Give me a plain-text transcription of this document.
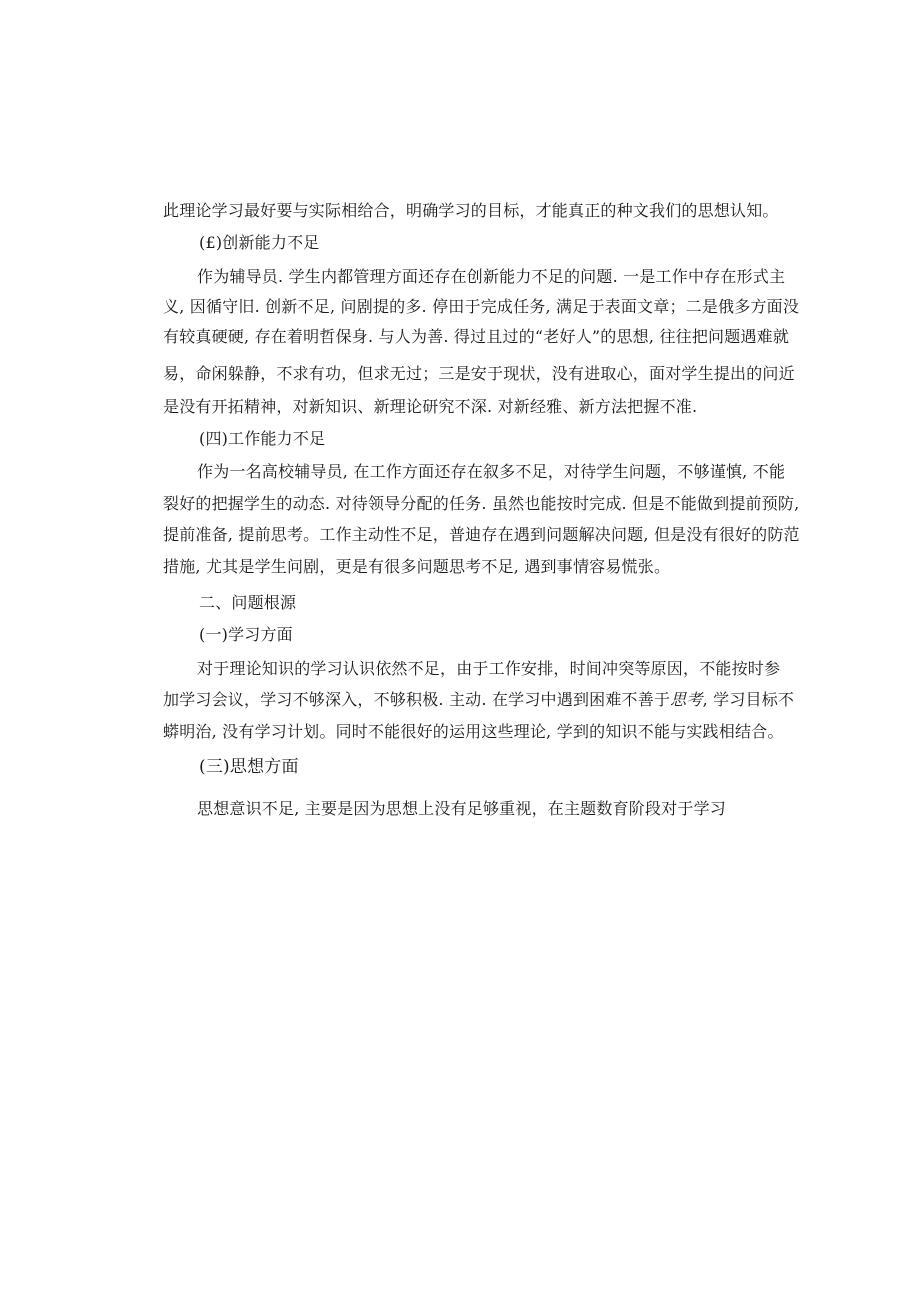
此理论学习最好要与实际相给合，明确学习的目标，才能真正的种文我们的思想认知。
(£)创新能力不足
作为辅导员. 学生内都管理方面还存在创新能力不足的问题. 一是工作中存在形式主
义, 因循守旧. 创新不足, 问剧提的多. 停田于完成任务, 满足于表面文章；二是俄多方面没
有较真硬硬, 存在着明哲保身. 与人为善. 得过且过的“老好人”的思想, 往往把问题遇难就
易，命闲躲静，不求有功，但求无过；三是安于现状，没有进取心，面对学生提出的问近
是没有开拓精神，对新知识、新理论研究不深. 对新经雅、新方法把握不准.
(四)工作能力不足
作为一名高校辅导员, 在工作方面还存在叙多不足，对待学生问题，不够谨慎, 不能
裂好的把握学生的动态. 对待领导分配的任务. 虽然也能按时完成. 但是不能做到提前预防,
提前准备, 提前思考。工作主动性不足，普迪存在遇到问题解决问题, 但是没有很好的防范
措施, 尤其是学生问剧，更是有很多问题思考不足, 遇到事情容易慌张。
二、问题根源
(一)学习方面
对于理论知识的学习认识依然不足，由于工作安排，时间冲突等原因，不能按时参
加学习会议，学习不够深入，不够积极. 主动. 在学习中遇到困难不善于思考, 学习目标不
蟒明治, 没有学习计划。同时不能很好的运用这些理论, 学到的知识不能与实践相结合。
(三)思想方面
思想意识不足, 主要是因为思想上没有足够重视，在主题数育阶段对于学习
